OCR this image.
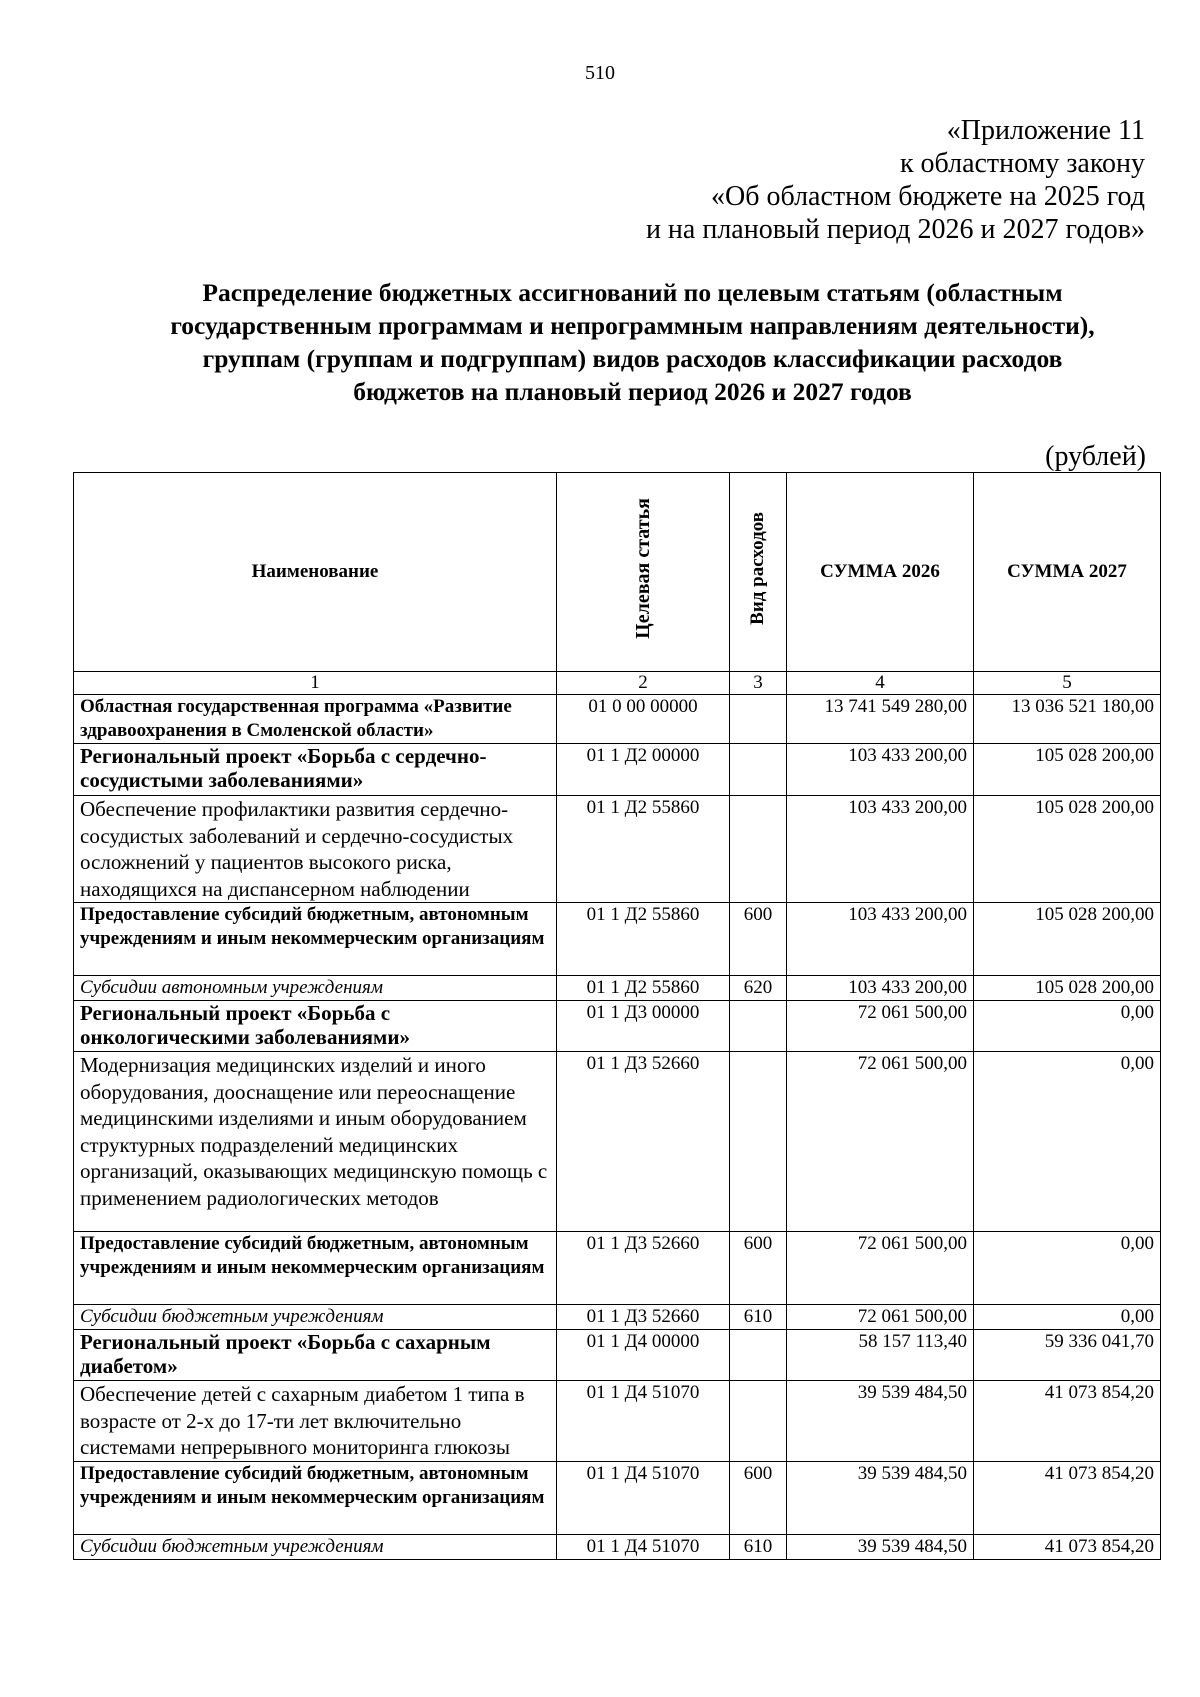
510
«Приложение 11
к областному закону
«Об областном бюджете на 2025 год
и на плановый период 2026 и 2027 годов»
Распределение бюджетных ассигнований по целевым статьям (областным
государственным программам и непрограммным направлениям деятельности),
группам (группам и подгруппам) видов расходов классификации расходов
бюджетов на плановый период 2026 и 2027 годов
(рублей)
Наименование	Целевая статья	Вид расходов	СУММА 2026	СУММА 2027
1	2	3	4	5
Областная государственная программа «Развитие здравоохранения в Смоленской области»	01 0 00 00000		13 741 549 280,00	13 036 521 180,00
Региональный проект «Борьба с сердечно-сосудистыми заболеваниями»	01 1 Д2 00000		103 433 200,00	105 028 200,00
Обеспечение профилактики развития сердечно-сосудистых заболеваний и сердечно-сосудистых осложнений у пациентов высокого риска, находящихся на диспансерном наблюдении	01 1 Д2 55860		103 433 200,00	105 028 200,00
Предоставление субсидий бюджетным, автономным учреждениям и иным некоммерческим организациям	01 1 Д2 55860	600	103 433 200,00	105 028 200,00
Субсидии автономным учреждениям	01 1 Д2 55860	620	103 433 200,00	105 028 200,00
Региональный проект «Борьба с онкологическими заболеваниями»	01 1 Д3 00000		72 061 500,00	0,00
Модернизация медицинских изделий и иного оборудования, дооснащение или переоснащение медицинскими изделиями и иным оборудованием структурных подразделений медицинских организаций, оказывающих медицинскую помощь с применением радиологических методов	01 1 Д3 52660		72 061 500,00	0,00
Предоставление субсидий бюджетным, автономным учреждениям и иным некоммерческим организациям	01 1 Д3 52660	600	72 061 500,00	0,00
Субсидии бюджетным учреждениям	01 1 Д3 52660	610	72 061 500,00	0,00
Региональный проект «Борьба с сахарным диабетом»	01 1 Д4 00000		58 157 113,40	59 336 041,70
Обеспечение детей с сахарным диабетом 1 типа в возрасте от 2-х до 17-ти лет включительно системами непрерывного мониторинга глюкозы	01 1 Д4 51070		39 539 484,50	41 073 854,20
Предоставление субсидий бюджетным, автономным учреждениям и иным некоммерческим организациям	01 1 Д4 51070	600	39 539 484,50	41 073 854,20
Субсидии бюджетным учреждениям	01 1 Д4 51070	610	39 539 484,50	41 073 854,20
